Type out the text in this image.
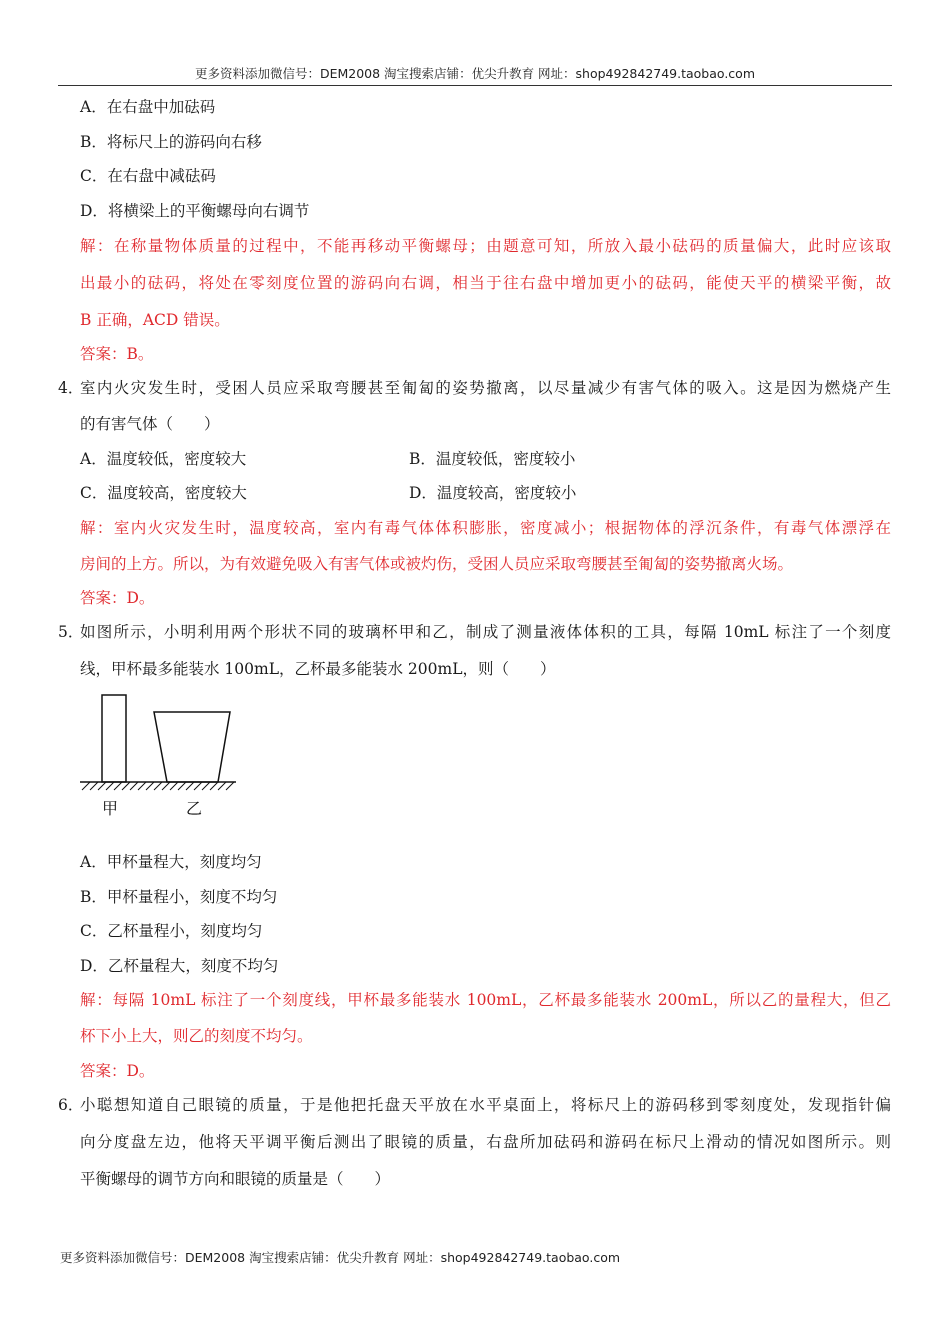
更多资料添加微信号：DEM2008 淘宝搜索店铺：优尖升教育 网址：shop492842749.taobao.com
A．在右盘中加砝码
B．将标尺上的游码向右移
C．在右盘中减砝码
D．将横梁上的平衡螺母向右调节
解：在称量物体质量的过程中，不能再移动平衡螺母；由题意可知，所放入最小砝码的质量偏大，此时应该取
出最小的砝码，将处在零刻度位置的游码向右调，相当于往右盘中增加更小的砝码，能使天平的横梁平衡，故
B 正确，ACD 错误。
答案：B。
4．
室内火灾发生时，受困人员应采取弯腰甚至匍匐的姿势撤离，以尽量减少有害气体的吸入。这是因为燃烧产生
的有害气体（　　）
A．温度较低，密度较大	B．温度较低，密度较小
C．温度较高，密度较大	D．温度较高，密度较小
解：室内火灾发生时，温度较高，室内有毒气体体积膨胀，密度减小；根据物体的浮沉条件，有毒气体漂浮在
房间的上方。所以，为有效避免吸入有害气体或被灼伤，受困人员应采取弯腰甚至匍匐的姿势撤离火场。
答案：D。
5．
如图所示，小明利用两个形状不同的玻璃杯甲和乙，制成了测量液体体积的工具，每隔 10mL 标注了一个刻度
线，甲杯最多能装水 100mL，乙杯最多能装水 200mL，则（　　）
甲	乙
A．甲杯量程大，刻度均匀
B．甲杯量程小，刻度不均匀
C．乙杯量程小，刻度均匀
D．乙杯量程大，刻度不均匀
解：每隔 10mL 标注了一个刻度线，甲杯最多能装水 100mL，乙杯最多能装水 200mL，所以乙的量程大，但乙
杯下小上大，则乙的刻度不均匀。
答案：D。
6．
小聪想知道自己眼镜的质量，于是他把托盘天平放在水平桌面上，将标尺上的游码移到零刻度处，发现指针偏
向分度盘左边，他将天平调平衡后测出了眼镜的质量，右盘所加砝码和游码在标尺上滑动的情况如图所示。则
平衡螺母的调节方向和眼镜的质量是（　　）
更多资料添加微信号：DEM2008 淘宝搜索店铺：优尖升教育 网址：shop492842749.taobao.com
